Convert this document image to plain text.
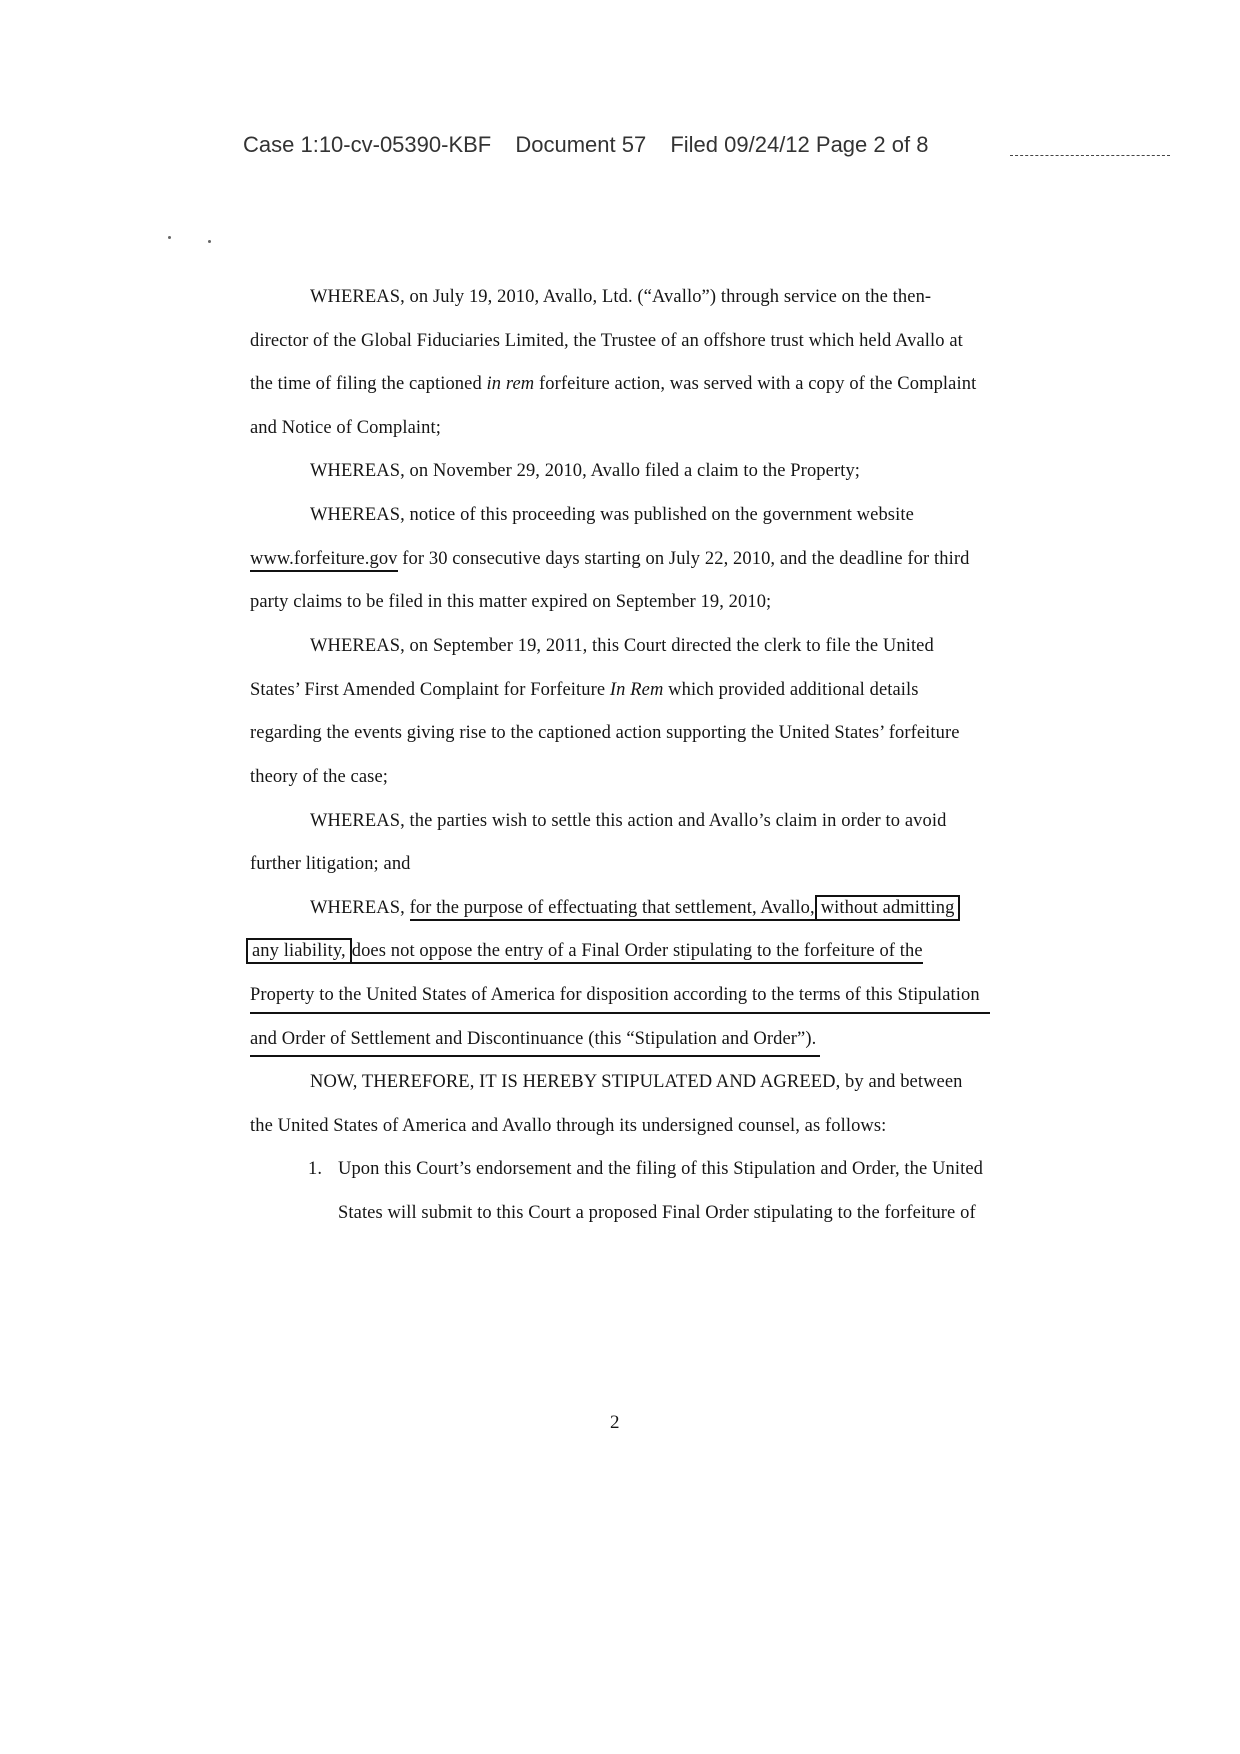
Case 1:10-cv-05390-KBF Document 57 Filed 09/24/12 Page 2 of 8
WHEREAS, on July 19, 2010, Avallo, Ltd. (“Avallo”) through service on the then-
director of the Global Fiduciaries Limited, the Trustee of an offshore trust which held Avallo at
the time of filing the captioned in rem forfeiture action, was served with a copy of the Complaint
and Notice of Complaint;
WHEREAS, on November 29, 2010, Avallo filed a claim to the Property;
WHEREAS, notice of this proceeding was published on the government website
www.forfeiture.gov for 30 consecutive days starting on July 22, 2010, and the deadline for third
party claims to be filed in this matter expired on September 19, 2010;
WHEREAS, on September 19, 2011, this Court directed the clerk to file the United
States’ First Amended Complaint for Forfeiture In Rem which provided additional details
regarding the events giving rise to the captioned action supporting the United States’ forfeiture
theory of the case;
WHEREAS, the parties wish to settle this action and Avallo’s claim in order to avoid
further litigation; and
WHEREAS, for the purpose of effectuating that settlement, Avallo, without admitting
any liability, does not oppose the entry of a Final Order stipulating to the forfeiture of the
Property to the United States of America for disposition according to the terms of this Stipulation
and Order of Settlement and Discontinuance (this “Stipulation and Order”).
NOW, THEREFORE, IT IS HEREBY STIPULATED AND AGREED, by and between
the United States of America and Avallo through its undersigned counsel, as follows:
1. Upon this Court’s endorsement and the filing of this Stipulation and Order, the United
States will submit to this Court a proposed Final Order stipulating to the forfeiture of
2
